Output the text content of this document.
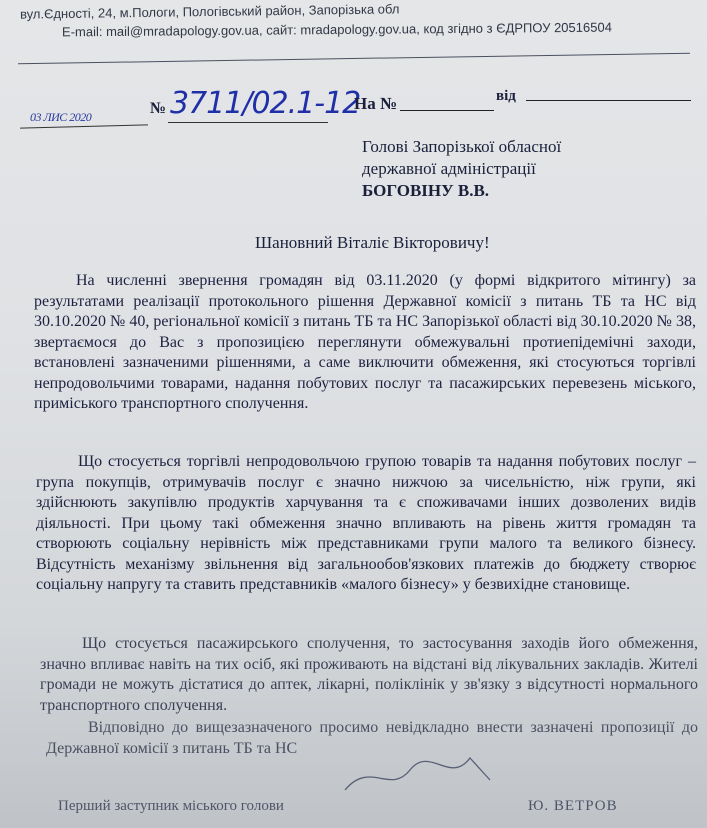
вул.Єдності, 24, м.Пологи, Пологівський район, Запорізька обл
E-mail: mail@mradapology.gov.ua, сайт: mradapology.gov.ua, код згідно з ЄДРПОУ 20516504
03 ЛИС 2020	№ 3711/02.1-12
На №	від
Голові Запорізької обласної
державної адміністрації
БОГОВІНУ В.В.
Шановний Віталіє Вікторовичу!
На численні звернення громадян від 03.11.2020 (у формі відкритого мітингу) за результатами реалізації протокольного рішення Державної комісії з питань ТБ та НС від 30.10.2020 № 40, регіональної комісії з питань ТБ та НС Запорізької області від 30.10.2020 № 38, звертаємося до Вас з пропозицією переглянути обмежувальні протиепідемічні заходи, встановлені зазначеними рішеннями, а саме виключити обмеження, які стосуються торгівлі непродовольчими товарами, надання побутових послуг та пасажирських перевезень міського, приміського транспортного сполучення.
Що стосується торгівлі непродовольчою групою товарів та надання побутових послуг – група покупців, отримувачів послуг є значно нижчою за чисельністю, ніж групи, які здійснюють закупівлю продуктів харчування та є споживачами інших дозволених видів діяльності. При цьому такі обмеження значно впливають на рівень життя громадян та створюють соціальну нерівність між представниками групи малого та великого бізнесу. Відсутність механізму звільнення від загальнообов'язкових платежів до бюджету створює соціальну напругу та ставить представників «малого бізнесу» у безвихідне становище.
Що стосується пасажирського сполучення, то застосування заходів його обмеження, значно впливає навіть на тих осіб, які проживають на відстані від лікувальних закладів. Жителі громади не можуть дістатися до аптек, лікарні, поліклінік у зв'язку з відсутності нормального транспортного сполучення.
Відповідно до вищезазначеного просимо невідкладно внести зазначені пропозиції до Державної комісії з питань ТБ та НС
Перший заступник міського голови	Ю. ВЕТРОВ
